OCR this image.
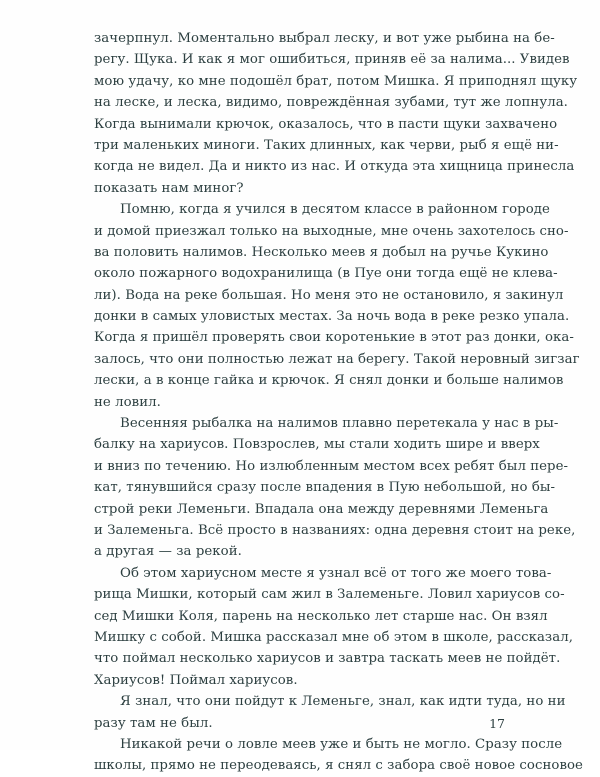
зачерпнул. Моментально выбрал леску, и вот уже рыбина на бе-
регу. Щука. И как я мог ошибиться, приняв её за налима... Увидев
мою удачу, ко мне подошёл брат, потом Мишка. Я приподнял щуку
на леске, и леска, видимо, повреждённая зубами, тут же лопнула.
Когда вынимали крючок, оказалось, что в пасти щуки захвачено
три маленьких миноги. Таких длинных, как черви, рыб я ещё ни-
когда не видел. Да и никто из нас. И откуда эта хищница принесла
показать нам миног?
Помню, когда я учился в десятом классе в районном городе
и домой приезжал только на выходные, мне очень захотелось сно-
ва половить налимов. Несколько меев я добыл на ручье Кукино
около пожарного водохранилища (в Пуе они тогда ещё не клева-
ли). Вода на реке большая. Но меня это не остановило, я закинул
донки в самых уловистых местах. За ночь вода в реке резко упала.
Когда я пришёл проверять свои коротенькие в этот раз донки, ока-
залось, что они полностью лежат на берегу. Такой неровный зигзаг
лески, а в конце гайка и крючок. Я снял донки и больше налимов
не ловил.
Весенняя рыбалка на налимов плавно перетекала у нас в ры-
балку на хариусов. Повзрослев, мы стали ходить шире и вверх
и вниз по течению. Но излюбленным местом всех ребят был пере-
кат, тянувшийся сразу после впадения в Пую небольшой, но бы-
строй реки Леменьги. Впадала она между деревнями Леменьга
и Залеменьга. Всё просто в названиях: одна деревня стоит на реке,
а другая — за рекой.
Об этом хариусном месте я узнал всё от того же моего това-
рища Мишки, который сам жил в Залеменьге. Ловил хариусов со-
сед Мишки Коля, парень на несколько лет старше нас. Он взял
Мишку с собой. Мишка рассказал мне об этом в школе, рассказал,
что поймал несколько хариусов и завтра таскать меев не пойдёт.
Хариусов! Поймал хариусов.
Я знал, что они пойдут к Леменьге, знал, как идти туда, но ни
разу там не был.
Никакой речи о ловле меев уже и быть не могло. Сразу после
школы, прямо не переодеваясь, я снял с забора своё новое сосновое
17
